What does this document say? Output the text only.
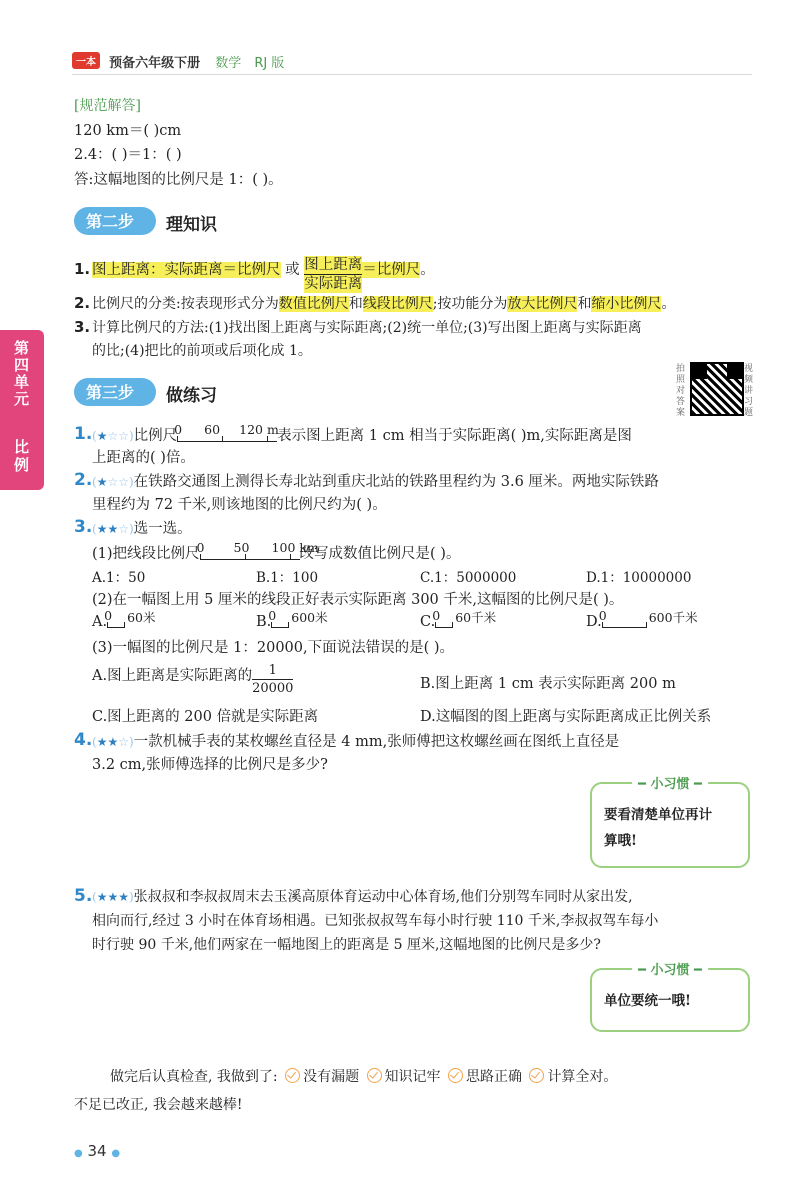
一本 预备六年级下册 数学 RJ 版
第四单元
比例
[规范解答]
120 km＝( )cm
2.4：( )＝1：( )
答:这幅地图的比例尺是 1：( )。
第二步 理知识
1. 图上距离：实际距离＝比例尺 或 图上距离
实际距离
＝比例尺。
2. 比例尺的分类:按表现形式分为数值比例尺和线段比例尺;按功能分为放大比例尺和缩小比例尺。
3. 计算比例尺的方法:(1)找出图上距离与实际距离;(2)统一单位;(3)写出图上距离与实际距离
的比;(4)把比的前项或后项化成 1。
第三步 做练习
拍照对答案
视频讲习题
1. (★☆☆)比例尺
0 60 120 m
表示图上距离 1 cm 相当于实际距离( )m,实际距离是图
上距离的( )倍。
2. (★☆☆)在铁路交通图上测得长寿北站到重庆北站的铁路里程约为 3.6 厘米。两地实际铁路
里程约为 72 千米,则该地图的比例尺约为( )。
3. (★★☆)选一选。
(1)把线段比例尺
0 50 100 km
改写成数值比例尺是( )。
A.1：50	B.1：100	C.1：5000000	D.1：10000000
(2)在一幅图上用 5 厘米的线段正好表示实际距离 300 千米,这幅图的比例尺是( )。
A.
0 60米	B.
0 600米	C.
0 60千米	D.
0	600千米
(3)一幅图的比例尺是 1：20000,下面说法错误的是( )。
A.图上距离是实际距离的 $\frac{1}{20000}$	B.图上距离 1 cm 表示实际距离 200 m
C.图上距离的 200 倍就是实际距离	D.这幅图的图上距离与实际距离成正比例关系
4. (★★☆)一款机械手表的某枚螺丝直径是 4 mm,张师傅把这枚螺丝画在图纸上直径是
3.2 cm,张师傅选择的比例尺是多少?
━ 小习惯 ━
要看清楚单位再计
算哦!
5. (★★★)张叔叔和李叔叔周末去玉溪高原体育运动中心体育场,他们分别驾车同时从家出发,
相向而行,经过 3 小时在体育场相遇。已知张叔叔驾车每小时行驶 110 千米,李叔叔驾车每小
时行驶 90 千米,他们两家在一幅地图上的距离是 5 厘米,这幅地图的比例尺是多少?
━ 小习惯 ━
单位要统一哦!
做完后认真检查, 我做到了: 没有漏题 知识记牢 思路正确 计算全对。
不足已改正, 我会越来越棒!
● 34 ●
